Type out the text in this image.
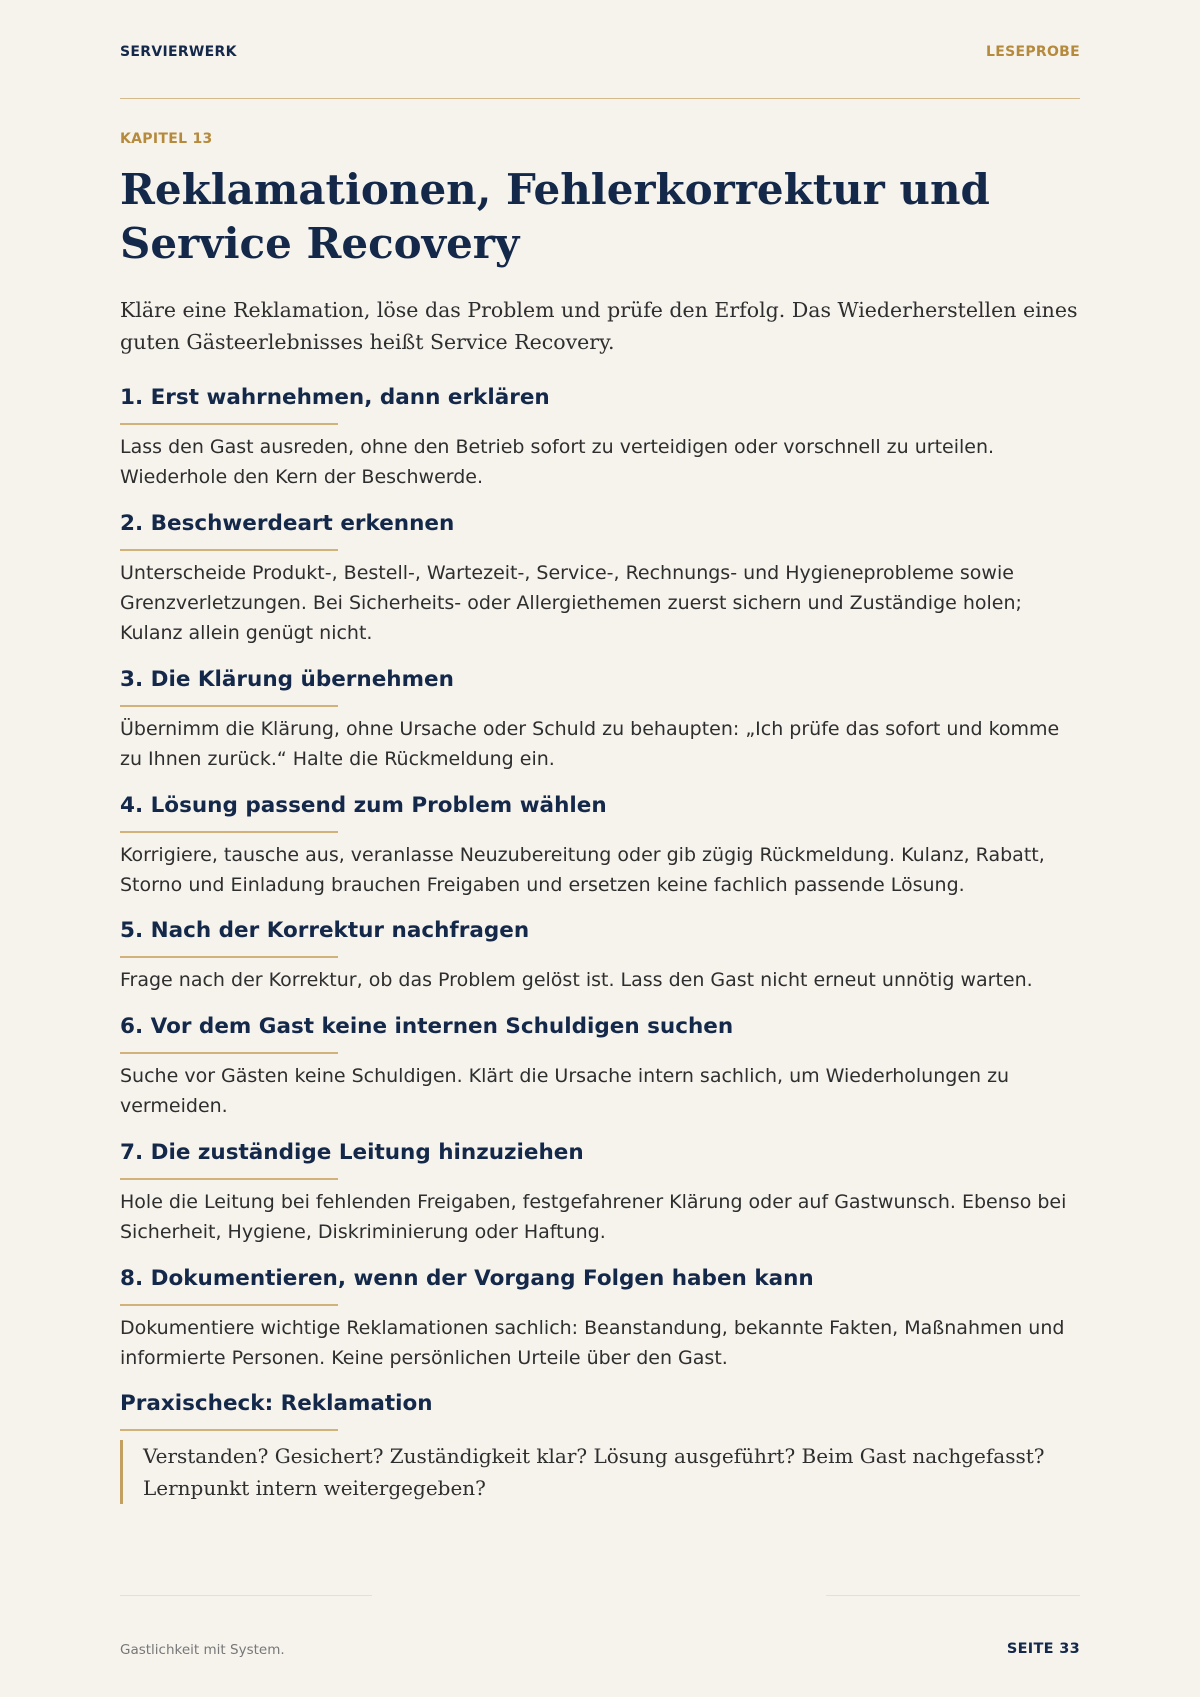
SERVIERWERK	LESEPROBE
KAPITEL 13
Reklamationen, Fehlerkorrektur und Service Recovery

Kläre eine Reklamation, löse das Problem und prüfe den Erfolg. Das Wiederherstellen eines guten Gästeerlebnisses heißt Service Recovery.

1. Erst wahrnehmen, dann erklären

Lass den Gast ausreden, ohne den Betrieb sofort zu verteidigen oder vorschnell zu urteilen. Wiederhole den Kern der Beschwerde.

2. Beschwerdeart erkennen

Unterscheide Produkt-, Bestell-, Wartezeit-, Service-, Rechnungs- und Hygieneprobleme sowie Grenzverletzungen. Bei Sicherheits- oder Allergiethemen zuerst sichern und Zuständige holen; Kulanz allein genügt nicht.

3. Die Klärung übernehmen

Übernimm die Klärung, ohne Ursache oder Schuld zu behaupten: „Ich prüfe das sofort und komme zu Ihnen zurück.“ Halte die Rückmeldung ein.

4. Lösung passend zum Problem wählen

Korrigiere, tausche aus, veranlasse Neuzubereitung oder gib zügig Rückmeldung. Kulanz, Rabatt, Storno und Einladung brauchen Freigaben und ersetzen keine fachlich passende Lösung.

5. Nach der Korrektur nachfragen

Frage nach der Korrektur, ob das Problem gelöst ist. Lass den Gast nicht erneut unnötig warten.

6. Vor dem Gast keine internen Schuldigen suchen

Suche vor Gästen keine Schuldigen. Klärt die Ursache intern sachlich, um Wiederholungen zu vermeiden.

7. Die zuständige Leitung hinzuziehen

Hole die Leitung bei fehlenden Freigaben, festgefahrener Klärung oder auf Gastwunsch. Ebenso bei Sicherheit, Hygiene, Diskriminierung oder Haftung.

8. Dokumentieren, wenn der Vorgang Folgen haben kann

Dokumentiere wichtige Reklamationen sachlich: Beanstandung, bekannte Fakten, Maßnahmen und informierte Personen. Keine persönlichen Urteile über den Gast.

Praxischeck: Reklamation

Verstanden? Gesichert? Zuständigkeit klar? Lösung ausgeführt? Beim Gast nachgefasst? Lernpunkt intern weitergegeben?

Gastlichkeit mit System.	SEITE 33
